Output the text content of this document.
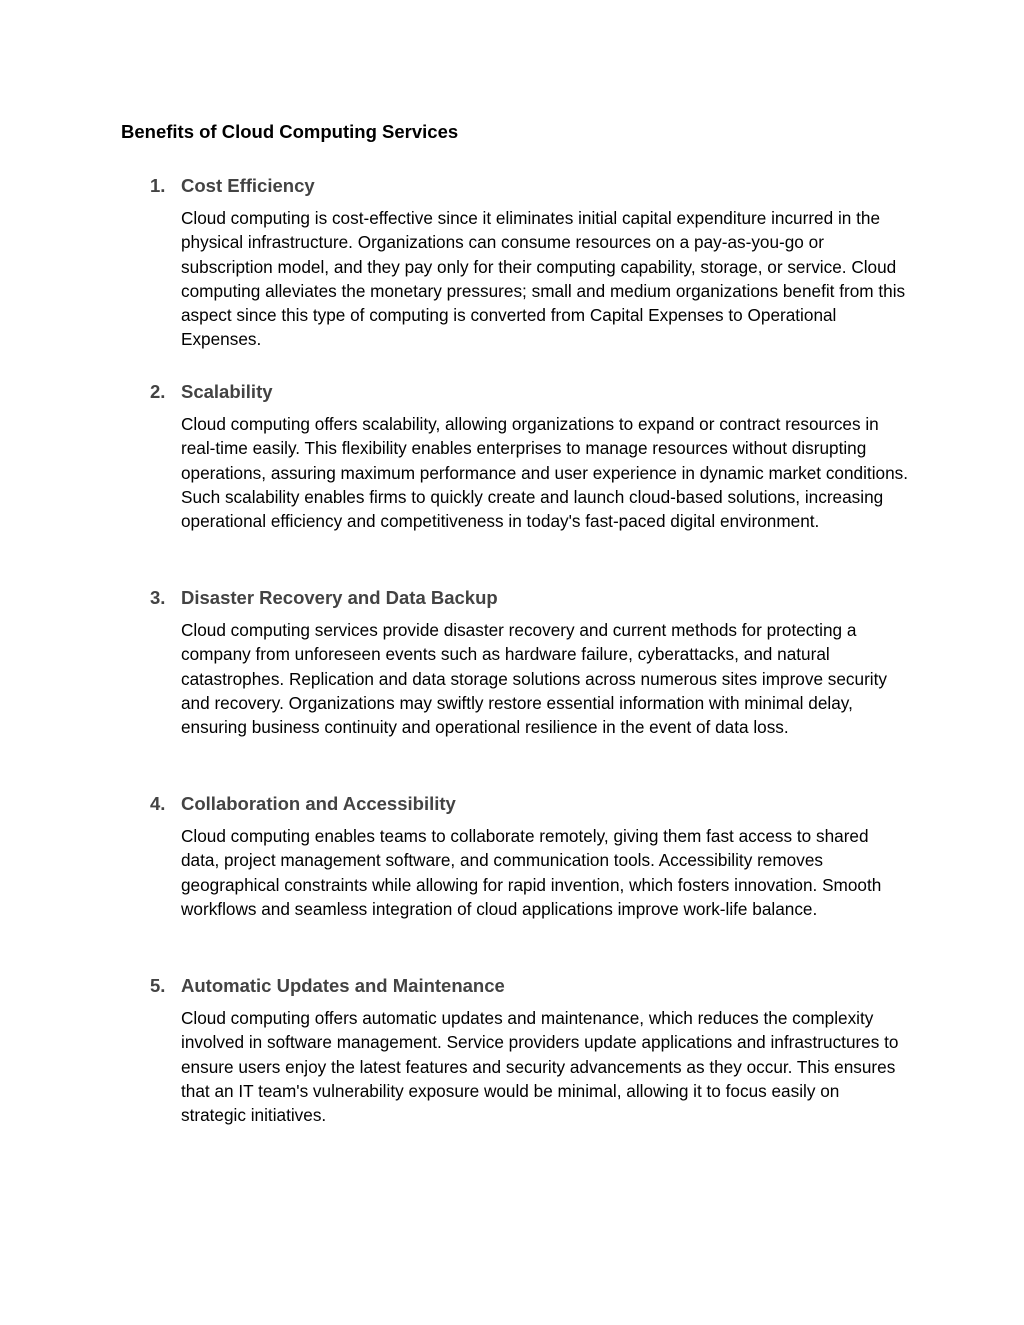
Benefits of Cloud Computing Services
1. Cost Efficiency

Cloud computing is cost-effective since it eliminates initial capital expenditure incurred in the physical infrastructure. Organizations can consume resources on a pay-as-you-go or subscription model, and they pay only for their computing capability, storage, or service. Cloud computing alleviates the monetary pressures; small and medium organizations benefit from this aspect since this type of computing is converted from Capital Expenses to Operational Expenses.

2. Scalability

Cloud computing offers scalability, allowing organizations to expand or contract resources in real-time easily. This flexibility enables enterprises to manage resources without disrupting operations, assuring maximum performance and user experience in dynamic market conditions. Such scalability enables firms to quickly create and launch cloud-based solutions, increasing operational efficiency and competitiveness in today's fast-paced digital environment.

3. Disaster Recovery and Data Backup

Cloud computing services provide disaster recovery and current methods for protecting a company from unforeseen events such as hardware failure, cyberattacks, and natural catastrophes. Replication and data storage solutions across numerous sites improve security and recovery. Organizations may swiftly restore essential information with minimal delay, ensuring business continuity and operational resilience in the event of data loss.

4. Collaboration and Accessibility

Cloud computing enables teams to collaborate remotely, giving them fast access to shared data, project management software, and communication tools. Accessibility removes geographical constraints while allowing for rapid invention, which fosters innovation. Smooth workflows and seamless integration of cloud applications improve work-life balance.

5. Automatic Updates and Maintenance

Cloud computing offers automatic updates and maintenance, which reduces the complexity involved in software management. Service providers update applications and infrastructures to ensure users enjoy the latest features and security advancements as they occur. This ensures that an IT team's vulnerability exposure would be minimal, allowing it to focus easily on strategic initiatives.
